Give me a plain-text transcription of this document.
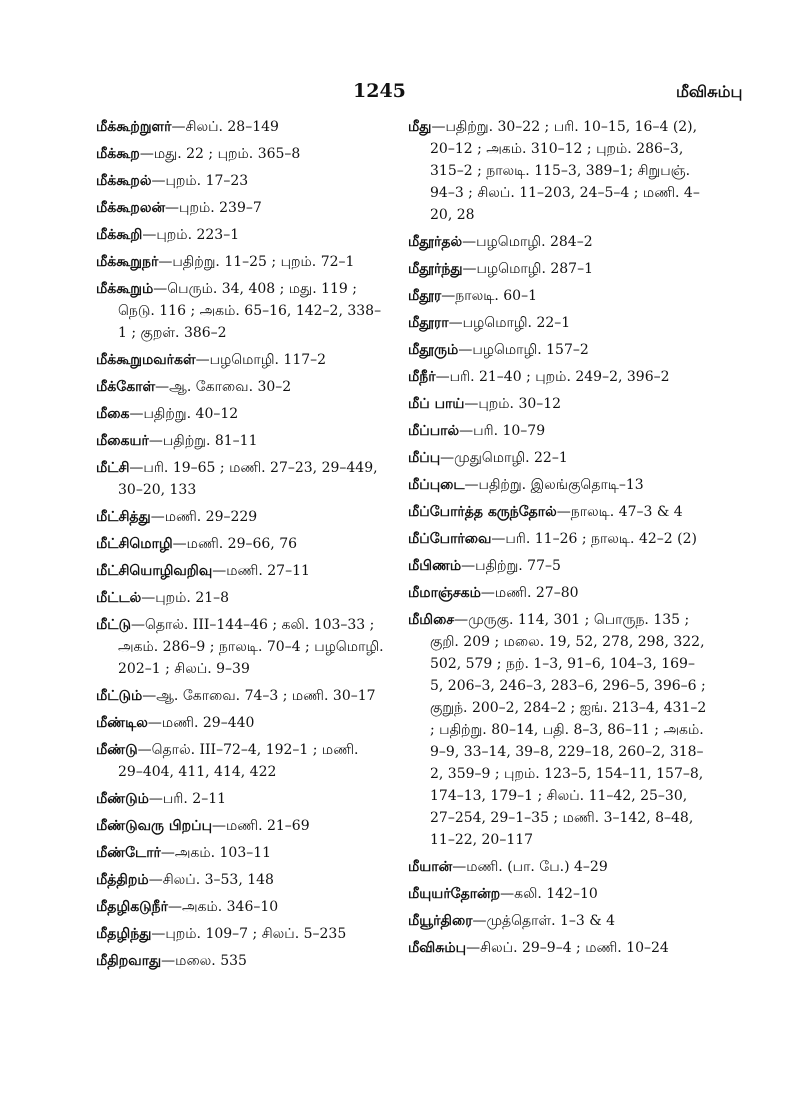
1245	மீவிசும்பு
மீக்கூற்றுளர்—சிலப். 28–149
மீக்கூற—மது. 22 ; புறம். 365–8
மீக்கூறல்—புறம். 17–23
மீக்கூறலன்—புறம். 239–7
மீக்கூறி—புறம். 223–1
மீக்கூறுநர்—பதிற்று. 11–25 ; புறம். 72–1
மீக்கூறும்—பெரும். 34, 408 ; மது. 119 ; நெடு. 116 ; அகம். 65–16, 142–2, 338–1 ; குறள். 386–2
மீக்கூறுமவர்கள்—பழமொழி. 117–2
மீக்கோள்—ஆ. கோவை. 30–2
மீகை—பதிற்று. 40–12
மீகையர்—பதிற்று. 81–11
மீட்சி—பரி. 19–65 ; மணி. 27–23, 29–449, 30–20, 133
மீட்சித்து—மணி. 29–229
மீட்சிமொழி—மணி. 29–66, 76
மீட்சியொழிவறிவு—மணி. 27–11
மீட்டல்—புறம். 21–8
மீட்டு—தொல். III–144–46 ; கலி. 103–33 ; அகம். 286–9 ; நாலடி. 70–4 ; பழமொழி. 202–1 ; சிலப். 9–39
மீட்டும்—ஆ. கோவை. 74–3 ; மணி. 30–17
மீண்டில—மணி. 29–440
மீண்டு—தொல். III–72–4, 192–1 ; மணி. 29–404, 411, 414, 422
மீண்டும்—பரி. 2–11
மீண்டுவரு பிறப்பு—மணி. 21–69
மீண்டோர்—அகம். 103–11
மீத்திறம்—சிலப். 3–53, 148
மீதழிகடுநீர்—அகம். 346–10
மீதழிந்து—புறம். 109–7 ; சிலப். 5–235
மீதிறவாது—மலை. 535
மீது—பதிற்று. 30–22 ; பரி. 10–15, 16–4 (2), 20–12 ; அகம். 310–12 ; புறம். 286–3, 315–2 ; நாலடி. 115–3, 389–1; சிறுபஞ். 94–3 ; சிலப். 11–203, 24–5–4 ; மணி. 4–20, 28
மீதூர்தல்—பழமொழி. 284–2
மீதூர்ந்து—பழமொழி. 287–1
மீதூர—நாலடி. 60–1
மீதூரா—பழமொழி. 22–1
மீதூரும்—பழமொழி. 157–2
மீநீர்—பரி. 21–40 ; புறம். 249–2, 396–2
மீப் பாய்—புறம். 30–12
மீப்பால்—பரி. 10–79
மீப்பு—முதுமொழி. 22–1
மீப்புடை—பதிற்று. இலங்குதொடி–13
மீப்போர்த்த கருந்தோல்—நாலடி. 47–3 & 4
மீப்போர்வை—பரி. 11–26 ; நாலடி. 42–2 (2)
மீபிணம்—பதிற்று. 77–5
மீமாஞ்சகம்—மணி. 27–80
மீமிசை—முருகு. 114, 301 ; பொருந. 135 ; குறி. 209 ; மலை. 19, 52, 278, 298, 322, 502, 579 ; நற். 1–3, 91–6, 104–3, 169–5, 206–3, 246–3, 283–6, 296–5, 396–6 ; குறுந். 200–2, 284–2 ; ஐங். 213–4, 431–2 ; பதிற்று. 80–14, பதி. 8–3, 86–11 ; அகம். 9–9, 33–14, 39–8, 229–18, 260–2, 318–2, 359–9 ; புறம். 123–5, 154–11, 157–8, 174–13, 179–1 ; சிலப். 11–42, 25–30, 27–254, 29–1–35 ; மணி. 3–142, 8–48, 11–22, 20–117
மீயான்—மணி. (பா. பே.) 4–29
மீயுயர்தோன்ற—கலி. 142–10
மீயூர்திரை—முத்தொள். 1–3 & 4
மீவிசும்பு—சிலப். 29–9–4 ; மணி. 10–24
